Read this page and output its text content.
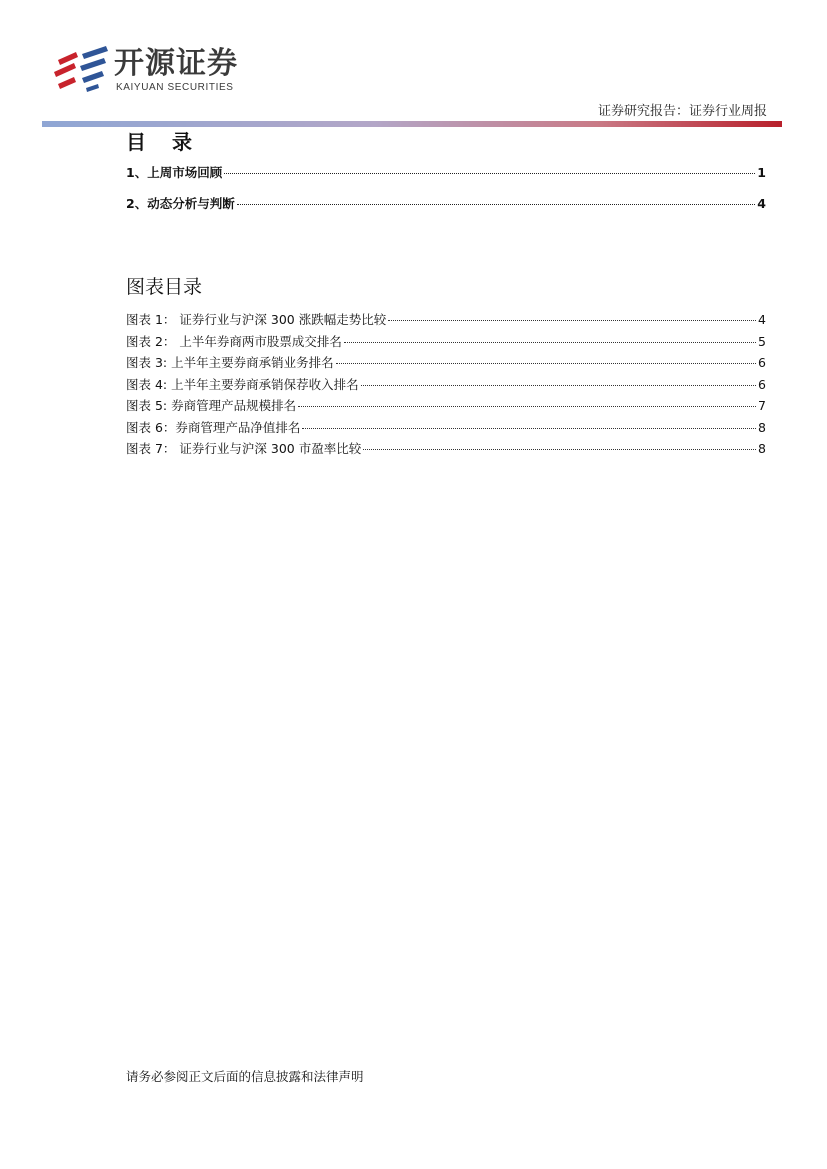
开源证券
KAIYUAN SECURITIES
证券研究报告：证券行业周报
目录
1、上周市场回顾	1
2、动态分析与判断	4
图表目录
图表 1： 证券行业与沪深 300 涨跌幅走势比较	4
图表 2： 上半年券商两市股票成交排名	5
图表 3: 上半年主要券商承销业务排名	6
图表 4: 上半年主要券商承销保荐收入排名	6
图表 5: 券商管理产品规模排名	7
图表 6：券商管理产品净值排名	8
图表 7： 证券行业与沪深 300 市盈率比较	8
请务必参阅正文后面的信息披露和法律声明
